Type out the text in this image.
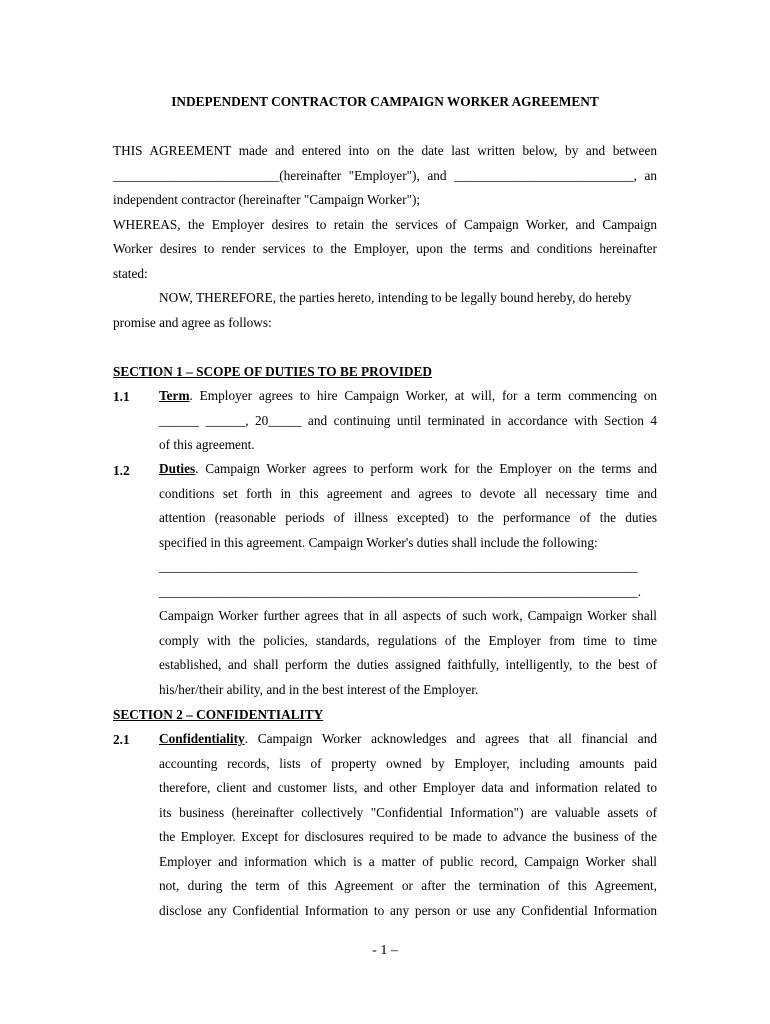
INDEPENDENT CONTRACTOR CAMPAIGN WORKER AGREEMENT
THIS AGREEMENT made and entered into on the date last written below, by and between
_________________________(hereinafter "Employer"), and ___________________________, an
independent contractor (hereinafter "Campaign Worker");
WHEREAS, the Employer desires to retain the services of Campaign Worker, and Campaign
Worker desires to render services to the Employer, upon the terms and conditions hereinafter
stated:
NOW, THEREFORE, the parties hereto, intending to be legally bound hereby, do hereby
promise and agree as follows:
SECTION 1 – SCOPE OF DUTIES TO BE PROVIDED
1.1 Term. Employer agrees to hire Campaign Worker, at will, for a term commencing on
______ ______, 20_____ and continuing until terminated in accordance with Section 4
of this agreement.
1.2 Duties. Campaign Worker agrees to perform work for the Employer on the terms and
conditions set forth in this agreement and agrees to devote all necessary time and
attention (reasonable periods of illness excepted) to the performance of the duties
specified in this agreement. Campaign Worker's duties shall include the following:
________________________________________________________________________
________________________________________________________________________.
Campaign Worker further agrees that in all aspects of such work, Campaign Worker shall
comply with the policies, standards, regulations of the Employer from time to time
established, and shall perform the duties assigned faithfully, intelligently, to the best of
his/her/their ability, and in the best interest of the Employer.
SECTION 2 – CONFIDENTIALITY
2.1 Confidentiality. Campaign Worker acknowledges and agrees that all financial and
accounting records, lists of property owned by Employer, including amounts paid
therefore, client and customer lists, and other Employer data and information related to
its business (hereinafter collectively "Confidential Information") are valuable assets of
the Employer. Except for disclosures required to be made to advance the business of the
Employer and information which is a matter of public record, Campaign Worker shall
not, during the term of this Agreement or after the termination of this Agreement,
disclose any Confidential Information to any person or use any Confidential Information
- 1 –
